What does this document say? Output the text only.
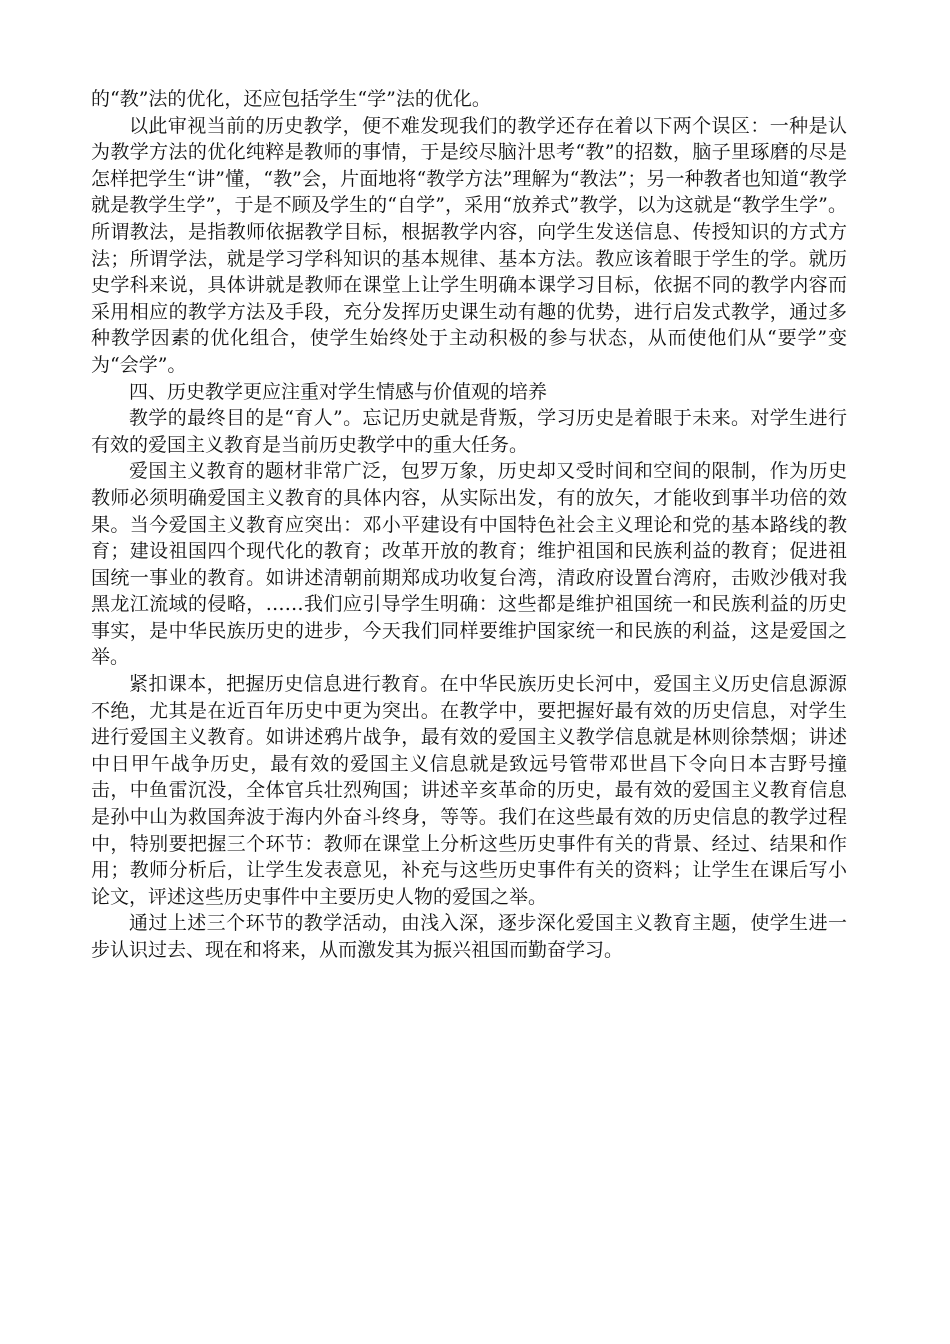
的“教”法的优化，还应包括学生“学”法的优化。

以此审视当前的历史教学，便不难发现我们的教学还存在着以下两个误区：一种是认为教学方法的优化纯粹是教师的事情，于是绞尽脑汁思考“教”的招数，脑子里琢磨的尽是怎样把学生“讲”懂，“教”会，片面地将“教学方法”理解为“教法”；另一种教者也知道“教学就是教学生学”，于是不顾及学生的“自学”，采用“放养式”教学，以为这就是“教学生学”。所谓教法，是指教师依据教学目标，根据教学内容，向学生发送信息、传授知识的方式方法；所谓学法，就是学习学科知识的基本规律、基本方法。教应该着眼于学生的学。就历史学科来说，具体讲就是教师在课堂上让学生明确本课学习目标，依据不同的教学内容而采用相应的教学方法及手段，充分发挥历史课生动有趣的优势，进行启发式教学，通过多种教学因素的优化组合，使学生始终处于主动积极的参与状态，从而使他们从“要学”变为“会学”。

四、历史教学更应注重对学生情感与价值观的培养

教学的最终目的是“育人”。忘记历史就是背叛，学习历史是着眼于未来。对学生进行有效的爱国主义教育是当前历史教学中的重大任务。

爱国主义教育的题材非常广泛，包罗万象，历史却又受时间和空间的限制，作为历史教师必须明确爱国主义教育的具体内容，从实际出发，有的放矢，才能收到事半功倍的效果。当今爱国主义教育应突出：邓小平建设有中国特色社会主义理论和党的基本路线的教育；建设祖国四个现代化的教育；改革开放的教育；维护祖国和民族利益的教育；促进祖国统一事业的教育。如讲述清朝前期郑成功收复台湾，清政府设置台湾府，击败沙俄对我黑龙江流域的侵略，……我们应引导学生明确：这些都是维护祖国统一和民族利益的历史事实，是中华民族历史的进步，今天我们同样要维护国家统一和民族的利益，这是爱国之举。

紧扣课本，把握历史信息进行教育。在中华民族历史长河中，爱国主义历史信息源源不绝，尤其是在近百年历史中更为突出。在教学中，要把握好最有效的历史信息，对学生进行爱国主义教育。如讲述鸦片战争，最有效的爱国主义教学信息就是林则徐禁烟；讲述中日甲午战争历史，最有效的爱国主义信息就是致远号管带邓世昌下令向日本吉野号撞击，中鱼雷沉没，全体官兵壮烈殉国；讲述辛亥革命的历史，最有效的爱国主义教育信息是孙中山为救国奔波于海内外奋斗终身，等等。我们在这些最有效的历史信息的教学过程中，特别要把握三个环节：教师在课堂上分析这些历史事件有关的背景、经过、结果和作用；教师分析后，让学生发表意见，补充与这些历史事件有关的资料；让学生在课后写小论文，评述这些历史事件中主要历史人物的爱国之举。

通过上述三个环节的教学活动，由浅入深，逐步深化爱国主义教育主题，使学生进一步认识过去、现在和将来，从而激发其为振兴祖国而勤奋学习。
